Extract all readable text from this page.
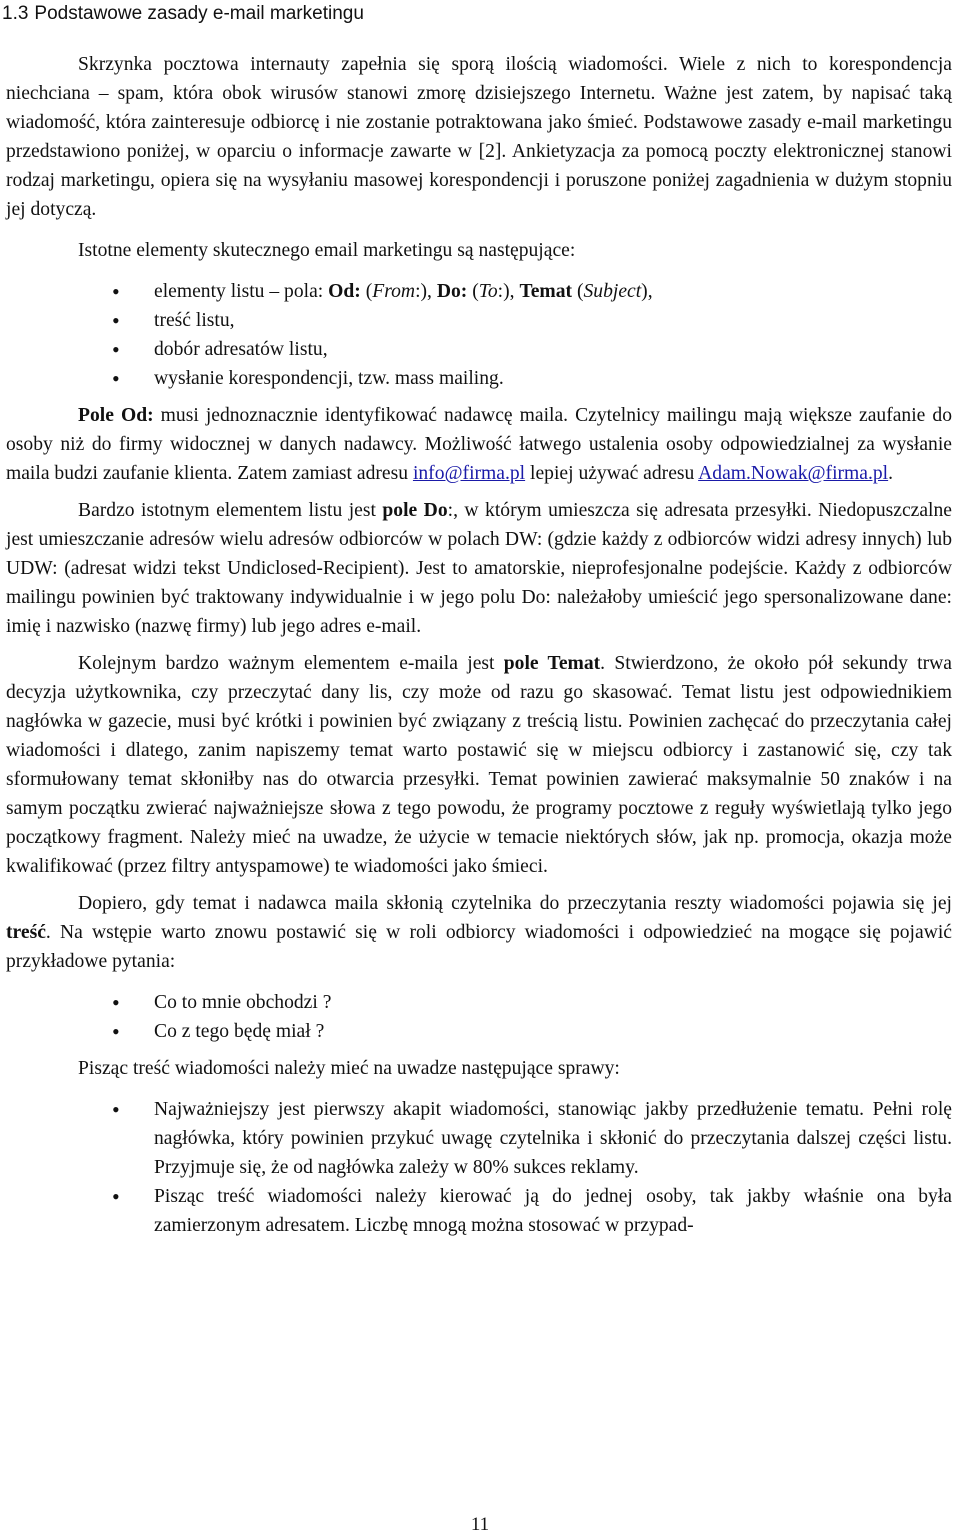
1.3 Podstawowe zasady e-mail marketingu

Skrzynka pocztowa internauty zapełnia się sporą ilością wiadomości. Wiele z nich to korespondencja niechciana – spam, która obok wirusów stanowi zmorę dzisiejszego Internetu. Ważne jest zatem, by napisać taką wiadomość, która zainteresuje odbiorcę i nie zostanie potraktowana jako śmieć. Podstawowe zasady e-mail marketingu przedstawiono poniżej, w oparciu o informacje zawarte w [2]. Ankietyzacja za pomocą poczty elektronicznej stanowi rodzaj marketingu, opiera się na wysyłaniu masowej korespondencji i poruszone poniżej zagadnienia w dużym stopniu jej dotyczą.

Istotne elementy skutecznego email marketingu są następujące:

• elementy listu – pola: Od: (From:), Do: (To:), Temat (Subject),
• treść listu,
• dobór adresatów listu,
• wysłanie korespondencji, tzw. mass mailing.

Pole Od: musi jednoznacznie identyfikować nadawcę maila. Czytelnicy mailingu mają większe zaufanie do osoby niż do firmy widocznej w danych nadawcy. Możliwość łatwego ustalenia osoby odpowiedzialnej za wysłanie maila budzi zaufanie klienta. Zatem zamiast adresu info@firma.pl lepiej używać adresu Adam.Nowak@firma.pl.

Bardzo istotnym elementem listu jest pole Do:, w którym umieszcza się adresata przesyłki. Niedopuszczalne jest umieszczanie adresów wielu adresów odbiorców w polach DW: (gdzie każdy z odbiorców widzi adresy innych) lub UDW: (adresat widzi tekst Undiclosed-Recipient). Jest to amatorskie, nieprofesjonalne podejście. Każdy z odbiorców mailingu powinien być traktowany indywidualnie i w jego polu Do: należałoby umieścić jego spersonalizowane dane: imię i nazwisko (nazwę firmy) lub jego adres e-mail.

Kolejnym bardzo ważnym elementem e-maila jest pole Temat. Stwierdzono, że około pół sekundy trwa decyzja użytkownika, czy przeczytać dany lis, czy może od razu go skasować. Temat listu jest odpowiednikiem nagłówka w gazecie, musi być krótki i powinien być związany z treścią listu. Powinien zachęcać do przeczytania całej wiadomości i dlatego, zanim napiszemy temat warto postawić się w miejscu odbiorcy i zastanowić się, czy tak sformułowany temat skłoniłby nas do otwarcia przesyłki. Temat powinien zawierać maksymalnie 50 znaków i na samym początku zwierać najważniejsze słowa z tego powodu, że programy pocztowe z reguły wyświetlają tylko jego początkowy fragment. Należy mieć na uwadze, że użycie w temacie niektórych słów, jak np. promocja, okazja może kwalifikować (przez filtry antyspamowe) te wiadomości jako śmieci.

Dopiero, gdy temat i nadawca maila skłonią czytelnika do przeczytania reszty wiadomości pojawia się jej treść. Na wstępie warto znowu postawić się w roli odbiorcy wiadomości i odpowiedzieć na mogące się pojawić przykładowe pytania:

• Co to mnie obchodzi ?
• Co z tego będę miał ?

Pisząc treść wiadomości należy mieć na uwadze następujące sprawy:

• Najważniejszy jest pierwszy akapit wiadomości, stanowiąc jakby przedłużenie tematu. Pełni rolę nagłówka, który powinien przykuć uwagę czytelnika i skłonić do przeczytania dalszej części listu. Przyjmuje się, że od nagłówka zależy w 80% sukces reklamy.
• Pisząc treść wiadomości należy kierować ją do jednej osoby, tak jakby właśnie ona była zamierzonym adresatem. Liczbę mnogą można stosować w przypad-
11
